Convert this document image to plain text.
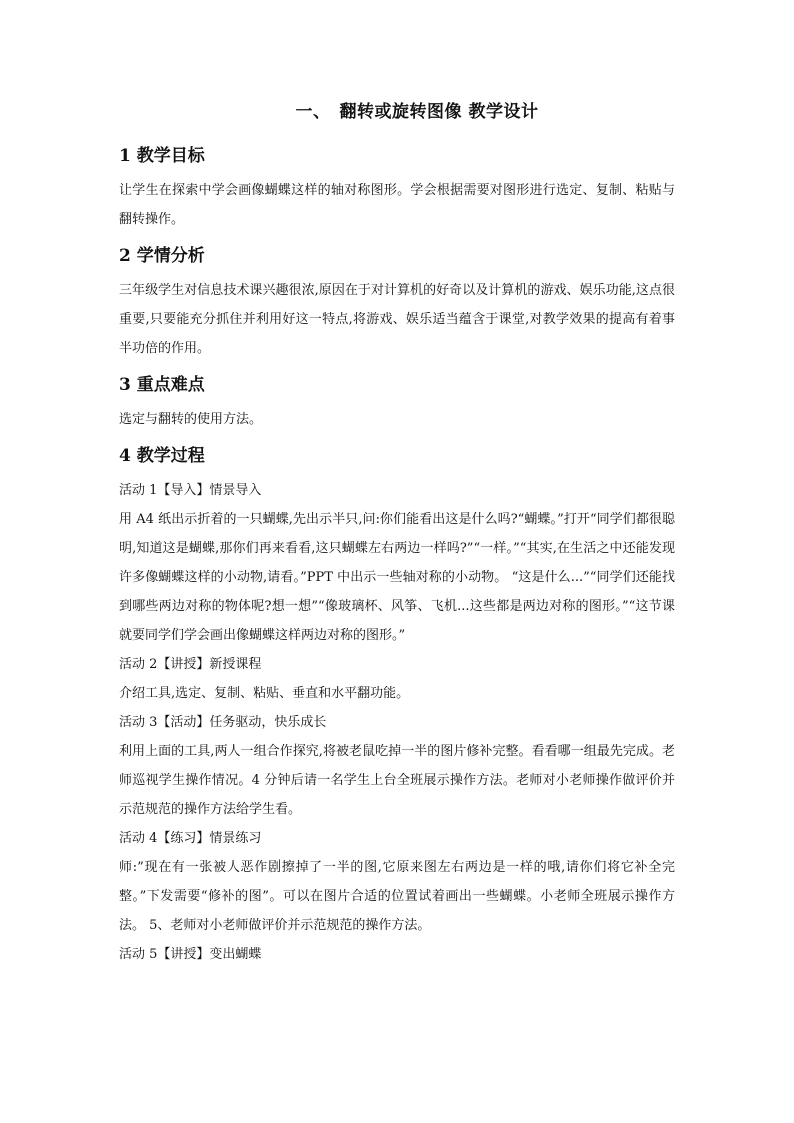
一、　翻转或旋转图像 教学设计
1 教学目标

让学生在探索中学会画像蝴蝶这样的轴对称图形。学会根据需要对图形进行选定、复制、粘贴与翻转操作。

2 学情分析

三年级学生对信息技术课兴趣很浓,原因在于对计算机的好奇以及计算机的游戏、娱乐功能,这点很重要,只要能充分抓住并利用好这一特点,将游戏、娱乐适当蕴含于课堂,对教学效果的提高有着事半功倍的作用。

3 重点难点

选定与翻转的使用方法。

4 教学过程

活动 1【导入】情景导入

用 A4 纸出示折着的一只蝴蝶,先出示半只,问:你们能看出这是什么吗?“蝴蝶。”打开“同学们都很聪明,知道这是蝴蝶,那你们再来看看,这只蝴蝶左右两边一样吗?”“一样。”“其实,在生活之中还能发现许多像蝴蝶这样的小动物,请看。”PPT 中出示一些轴对称的小动物。 “这是什么...”“同学们还能找到哪些两边对称的物体呢?想一想”“像玻璃杯、风筝、飞机...这些都是两边对称的图形。”“这节课就要同学们学会画出像蝴蝶这样两边对称的图形。”

活动 2【讲授】新授课程

介绍工具,选定、复制、粘贴、垂直和水平翻功能。

活动 3【活动】任务驱动，快乐成长

利用上面的工具,两人一组合作探究,将被老鼠吃掉一半的图片修补完整。看看哪一组最先完成。老师巡视学生操作情况。4 分钟后请一名学生上台全班展示操作方法。老师对小老师操作做评价并示范规范的操作方法给学生看。

活动 4【练习】情景练习

师:”现在有一张被人恶作剧擦掉了一半的图,它原来图左右两边是一样的哦,请你们将它补全完整。”下发需要“修补的图”。可以在图片合适的位置试着画出一些蝴蝶。小老师全班展示操作方法。 5、老师对小老师做评价并示范规范的操作方法。

活动 5【讲授】变出蝴蝶
